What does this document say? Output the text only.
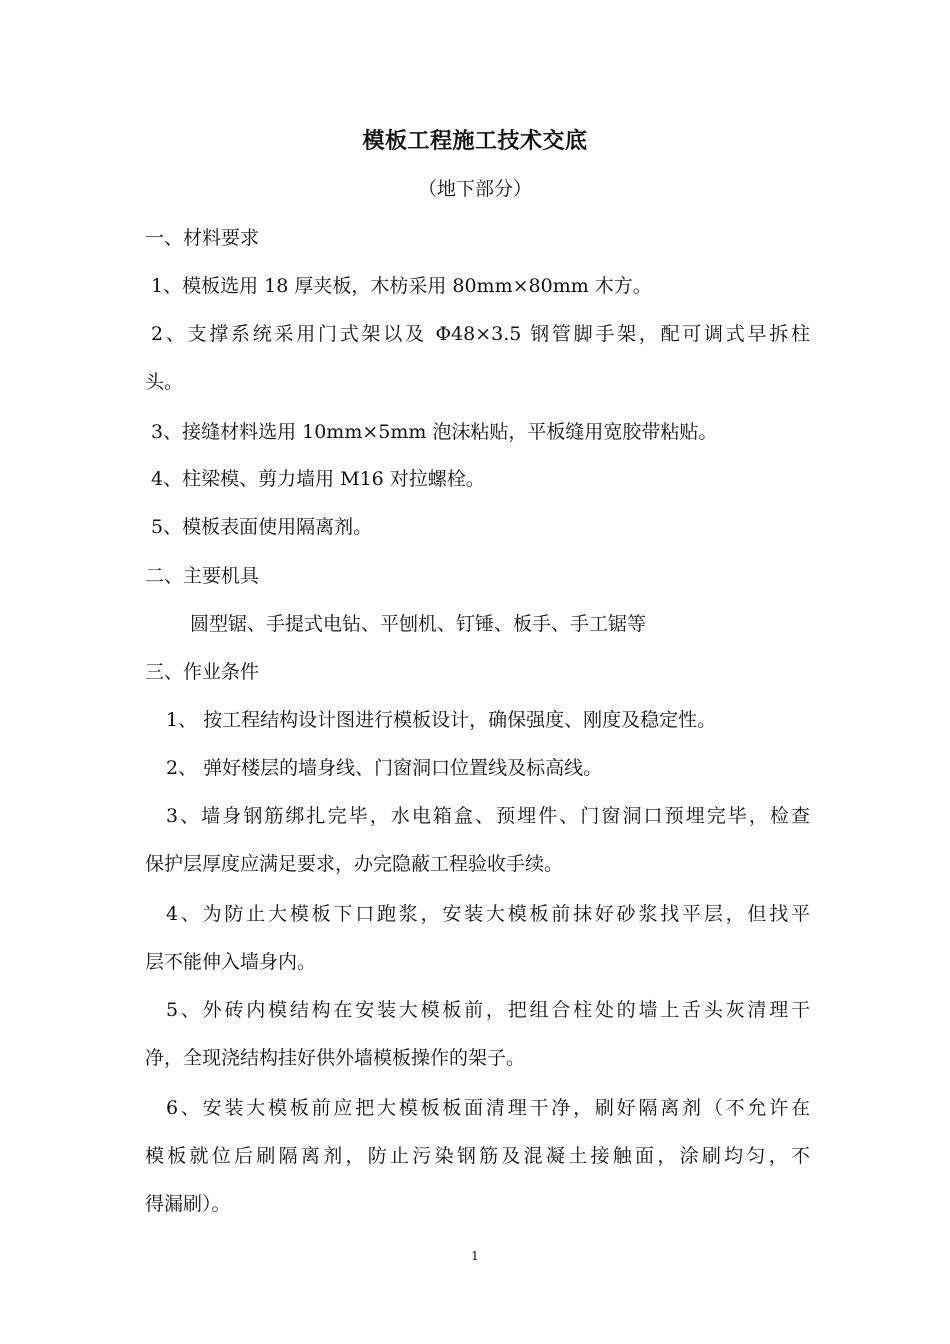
模板工程施工技术交底
（地下部分）
一、材料要求
1、模板选用 18 厚夹板，木枋采用 80mm×80mm 木方。
2、支撑系统采用门式架以及 Φ48×3.5 钢管脚手架，配可调式早拆柱
头。
3、接缝材料选用 10mm×5mm 泡沫粘贴，平板缝用宽胶带粘贴。
4、柱梁模、剪力墙用 M16 对拉螺栓。
5、模板表面使用隔离剂。
二、主要机具
圆型锯、手提式电钻、平刨机、钉锤、板手、手工锯等
三、作业条件
1、 按工程结构设计图进行模板设计，确保强度、刚度及稳定性。
2、 弹好楼层的墙身线、门窗洞口位置线及标高线。
3、墙身钢筋绑扎完毕，水电箱盒、预埋件、门窗洞口预埋完毕，检查
保护层厚度应满足要求，办完隐蔽工程验收手续。
4、为防止大模板下口跑浆，安装大模板前抹好砂浆找平层，但找平
层不能伸入墙身内。
5、外砖内模结构在安装大模板前，把组合柱处的墙上舌头灰清理干
净，全现浇结构挂好供外墙模板操作的架子。
6、安装大模板前应把大模板板面清理干净，刷好隔离剂（不允许在
模板就位后刷隔离剂，防止污染钢筋及混凝土接触面，涂刷均匀，不
得漏刷）。
1
